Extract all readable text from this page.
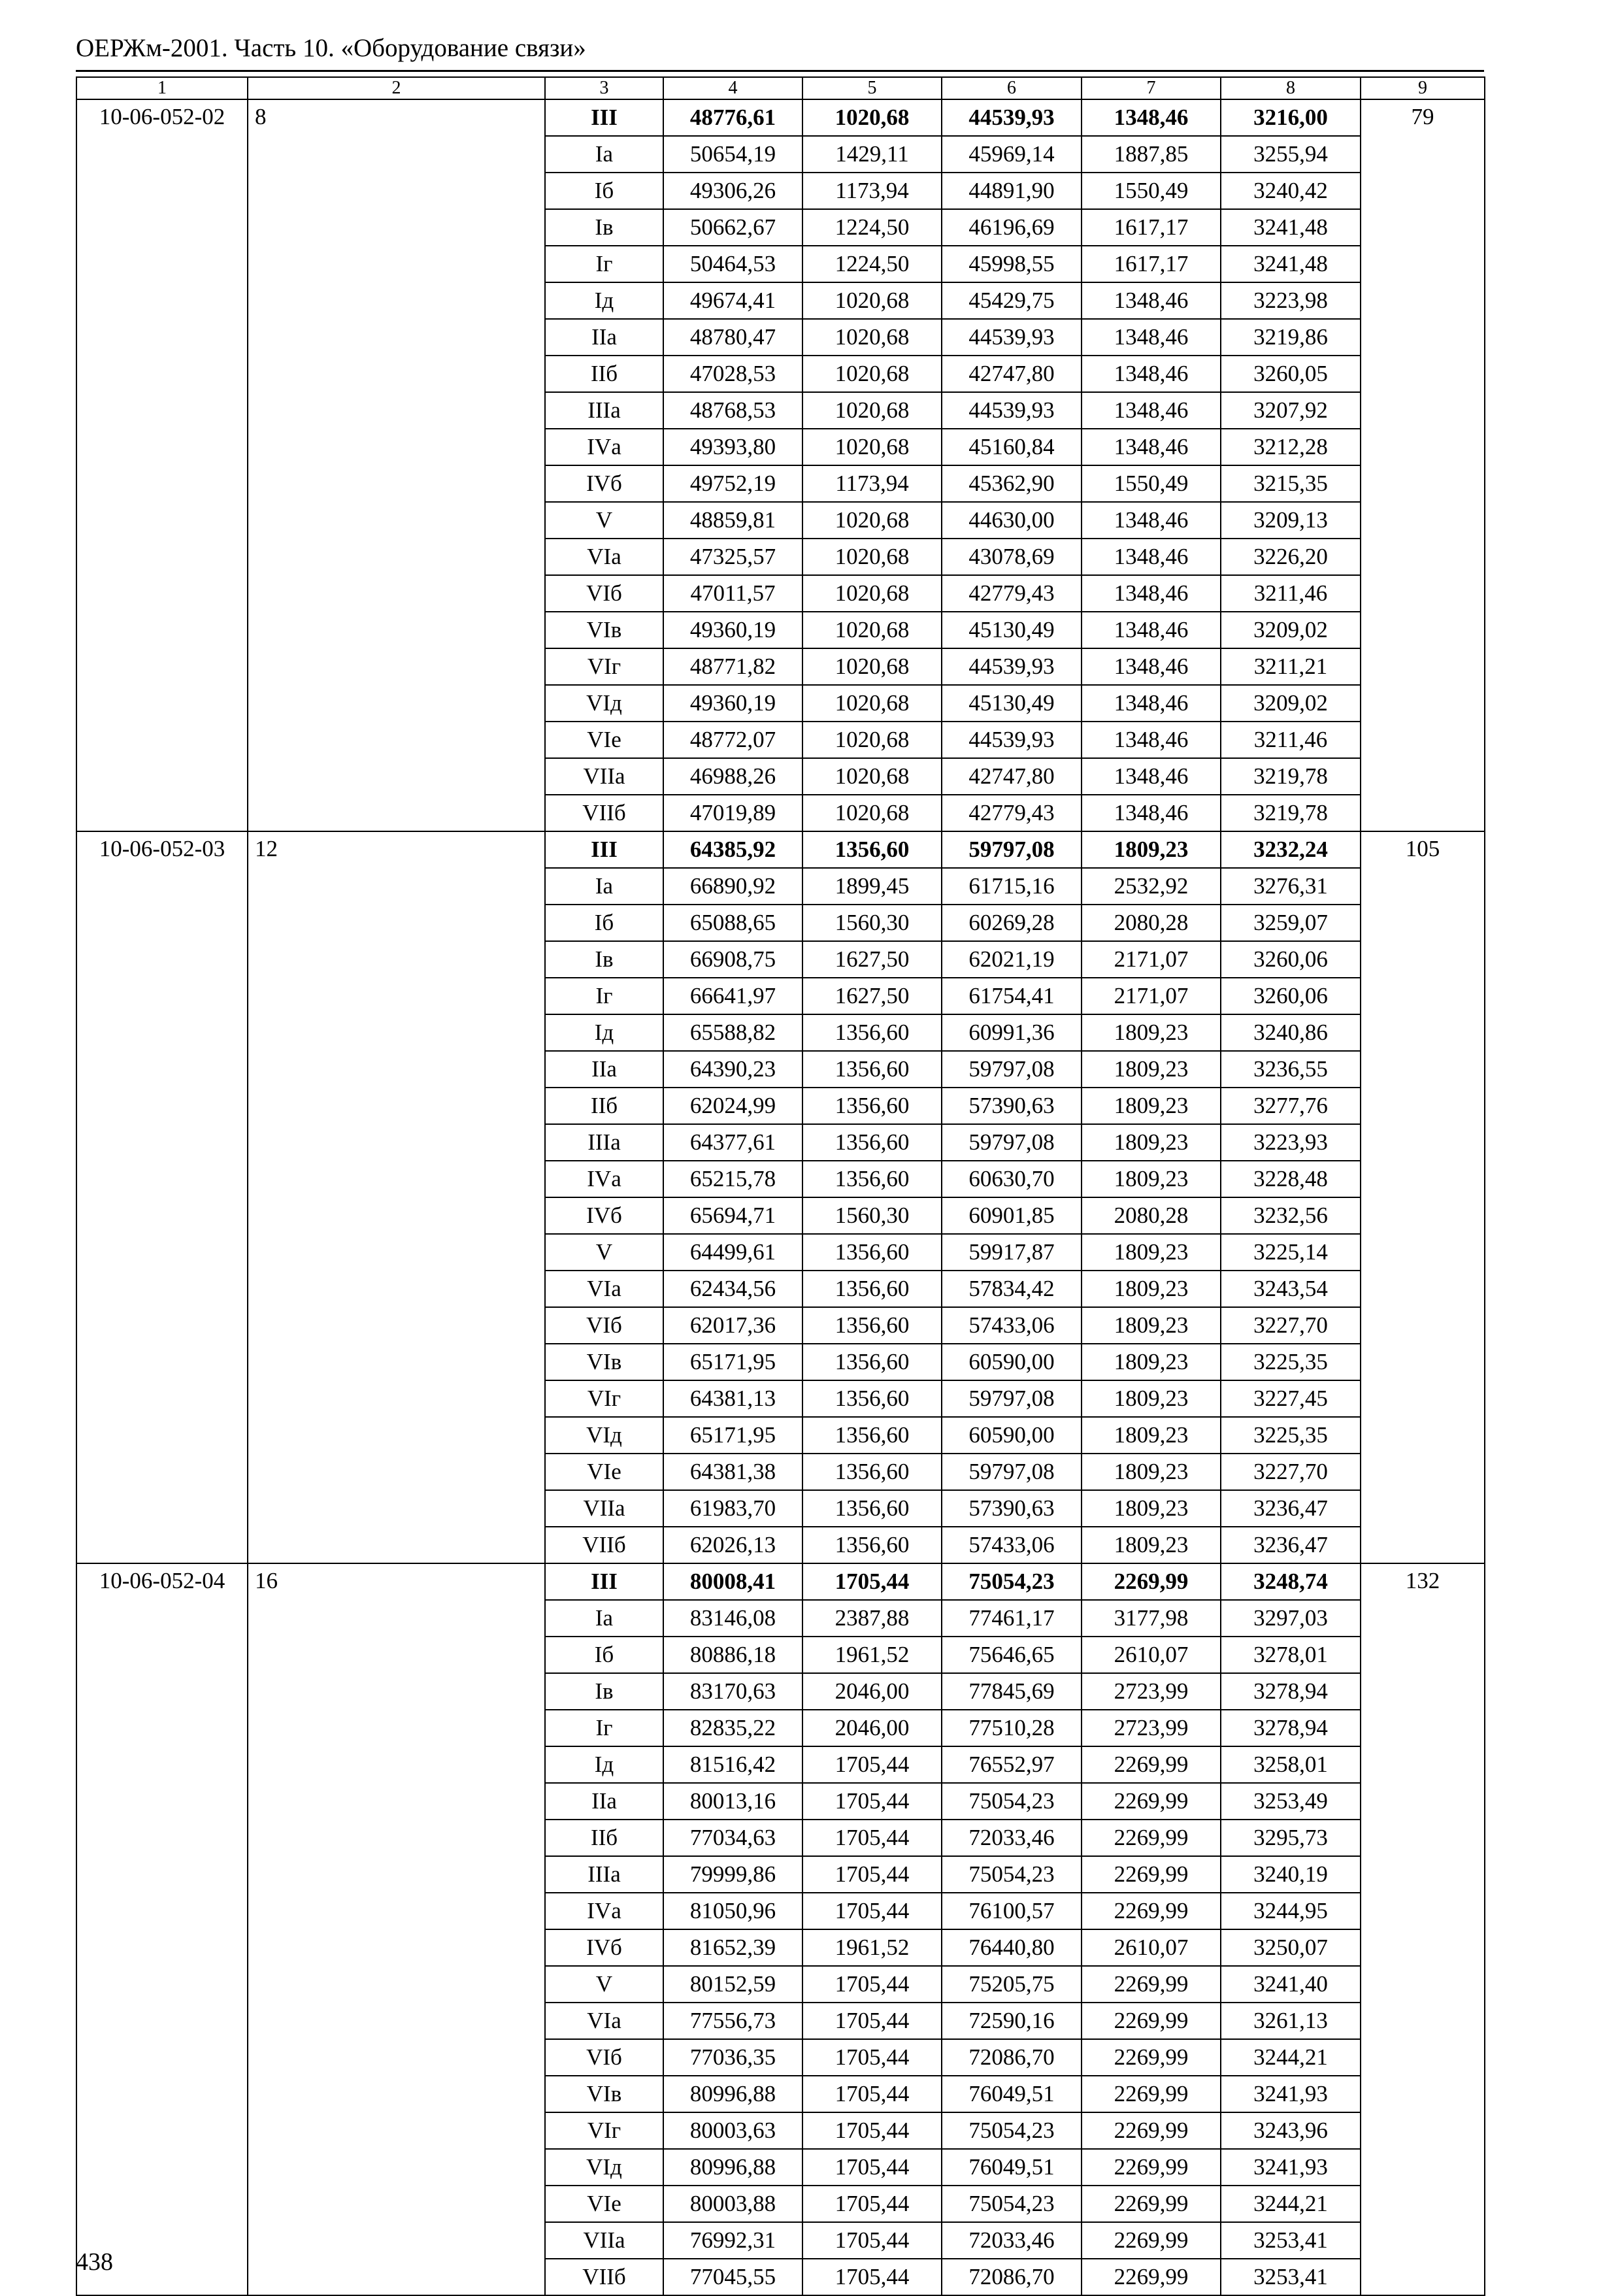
ОЕРЖм-2001. Часть 10. «Оборудование связи»
1	2	3	4	5	6	7	8	9
10-06-052-02	8	III	48776,61	1020,68	44539,93	1348,46	3216,00	79
		Iа	50654,19	1429,11	45969,14	1887,85	3255,94	
		Iб	49306,26	1173,94	44891,90	1550,49	3240,42	
		Iв	50662,67	1224,50	46196,69	1617,17	3241,48	
		Iг	50464,53	1224,50	45998,55	1617,17	3241,48	
		Iд	49674,41	1020,68	45429,75	1348,46	3223,98	
		IIа	48780,47	1020,68	44539,93	1348,46	3219,86	
		IIб	47028,53	1020,68	42747,80	1348,46	3260,05	
		IIIа	48768,53	1020,68	44539,93	1348,46	3207,92	
		IVа	49393,80	1020,68	45160,84	1348,46	3212,28	
		IVб	49752,19	1173,94	45362,90	1550,49	3215,35	
		V	48859,81	1020,68	44630,00	1348,46	3209,13	
		VIа	47325,57	1020,68	43078,69	1348,46	3226,20	
		VIб	47011,57	1020,68	42779,43	1348,46	3211,46	
		VIв	49360,19	1020,68	45130,49	1348,46	3209,02	
		VIг	48771,82	1020,68	44539,93	1348,46	3211,21	
		VIд	49360,19	1020,68	45130,49	1348,46	3209,02	
		VIе	48772,07	1020,68	44539,93	1348,46	3211,46	
		VIIа	46988,26	1020,68	42747,80	1348,46	3219,78	
		VIIб	47019,89	1020,68	42779,43	1348,46	3219,78	
10-06-052-03	12	III	64385,92	1356,60	59797,08	1809,23	3232,24	105
		Iа	66890,92	1899,45	61715,16	2532,92	3276,31	
		Iб	65088,65	1560,30	60269,28	2080,28	3259,07	
		Iв	66908,75	1627,50	62021,19	2171,07	3260,06	
		Iг	66641,97	1627,50	61754,41	2171,07	3260,06	
		Iд	65588,82	1356,60	60991,36	1809,23	3240,86	
		IIа	64390,23	1356,60	59797,08	1809,23	3236,55	
		IIб	62024,99	1356,60	57390,63	1809,23	3277,76	
		IIIа	64377,61	1356,60	59797,08	1809,23	3223,93	
		IVа	65215,78	1356,60	60630,70	1809,23	3228,48	
		IVб	65694,71	1560,30	60901,85	2080,28	3232,56	
		V	64499,61	1356,60	59917,87	1809,23	3225,14	
		VIа	62434,56	1356,60	57834,42	1809,23	3243,54	
		VIб	62017,36	1356,60	57433,06	1809,23	3227,70	
		VIв	65171,95	1356,60	60590,00	1809,23	3225,35	
		VIг	64381,13	1356,60	59797,08	1809,23	3227,45	
		VIд	65171,95	1356,60	60590,00	1809,23	3225,35	
		VIе	64381,38	1356,60	59797,08	1809,23	3227,70	
		VIIа	61983,70	1356,60	57390,63	1809,23	3236,47	
		VIIб	62026,13	1356,60	57433,06	1809,23	3236,47	
10-06-052-04	16	III	80008,41	1705,44	75054,23	2269,99	3248,74	132
		Iа	83146,08	2387,88	77461,17	3177,98	3297,03	
		Iб	80886,18	1961,52	75646,65	2610,07	3278,01	
		Iв	83170,63	2046,00	77845,69	2723,99	3278,94	
		Iг	82835,22	2046,00	77510,28	2723,99	3278,94	
		Iд	81516,42	1705,44	76552,97	2269,99	3258,01	
		IIа	80013,16	1705,44	75054,23	2269,99	3253,49	
		IIб	77034,63	1705,44	72033,46	2269,99	3295,73	
		IIIа	79999,86	1705,44	75054,23	2269,99	3240,19	
		IVа	81050,96	1705,44	76100,57	2269,99	3244,95	
		IVб	81652,39	1961,52	76440,80	2610,07	3250,07	
		V	80152,59	1705,44	75205,75	2269,99	3241,40	
		VIа	77556,73	1705,44	72590,16	2269,99	3261,13	
		VIб	77036,35	1705,44	72086,70	2269,99	3244,21	
		VIв	80996,88	1705,44	76049,51	2269,99	3241,93	
		VIг	80003,63	1705,44	75054,23	2269,99	3243,96	
		VIд	80996,88	1705,44	76049,51	2269,99	3241,93	
		VIе	80003,88	1705,44	75054,23	2269,99	3244,21	
		VIIа	76992,31	1705,44	72033,46	2269,99	3253,41	
		VIIб	77045,55	1705,44	72086,70	2269,99	3253,41	
438
